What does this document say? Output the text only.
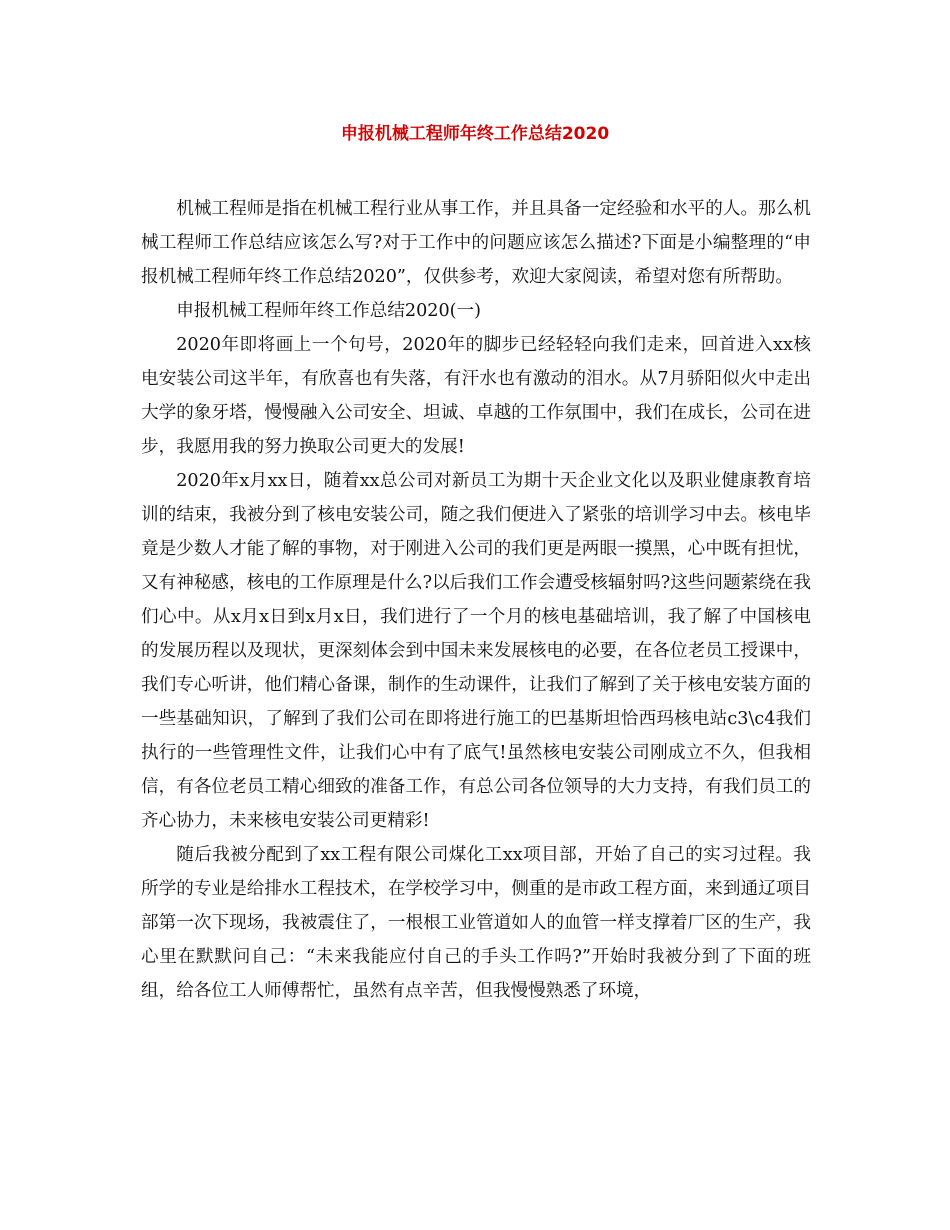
申报机械工程师年终工作总结2020

机械工程师是指在机械工程行业从事工作，并且具备一定经验和水平的人。那么机械工程师工作总结应该怎么写?对于工作中的问题应该怎么描述?下面是小编整理的“申报机械工程师年终工作总结2020”，仅供参考，欢迎大家阅读，希望对您有所帮助。

申报机械工程师年终工作总结2020(一)

2020年即将画上一个句号，2020年的脚步已经轻轻向我们走来，回首进入xx核电安装公司这半年，有欣喜也有失落，有汗水也有激动的泪水。从7月骄阳似火中走出大学的象牙塔，慢慢融入公司安全、坦诚、卓越的工作氛围中，我们在成长，公司在进步，我愿用我的努力换取公司更大的发展!

2020年x月xx日，随着xx总公司对新员工为期十天企业文化以及职业健康教育培训的结束，我被分到了核电安装公司，随之我们便进入了紧张的培训学习中去。核电毕竟是少数人才能了解的事物，对于刚进入公司的我们更是两眼一摸黑，心中既有担忧，又有神秘感，核电的工作原理是什么?以后我们工作会遭受核辐射吗?这些问题萦绕在我们心中。从x月x日到x月x日，我们进行了一个月的核电基础培训，我了解了中国核电的发展历程以及现状，更深刻体会到中国未来发展核电的必要，在各位老员工授课中，我们专心听讲，他们精心备课，制作的生动课件，让我们了解到了关于核电安装方面的一些基础知识，了解到了我们公司在即将进行施工的巴基斯坦恰西玛核电站c3\c4我们执行的一些管理性文件，让我们心中有了底气!虽然核电安装公司刚成立不久，但我相信，有各位老员工精心细致的准备工作，有总公司各位领导的大力支持，有我们员工的齐心协力，未来核电安装公司更精彩!

随后我被分配到了xx工程有限公司煤化工xx项目部，开始了自己的实习过程。我所学的专业是给排水工程技术，在学校学习中，侧重的是市政工程方面，来到通辽项目部第一次下现场，我被震住了，一根根工业管道如人的血管一样支撑着厂区的生产，我心里在默默问自己：“未来我能应付自己的手头工作吗?”开始时我被分到了下面的班组，给各位工人师傅帮忙，虽然有点辛苦，但我慢慢熟悉了环境，
